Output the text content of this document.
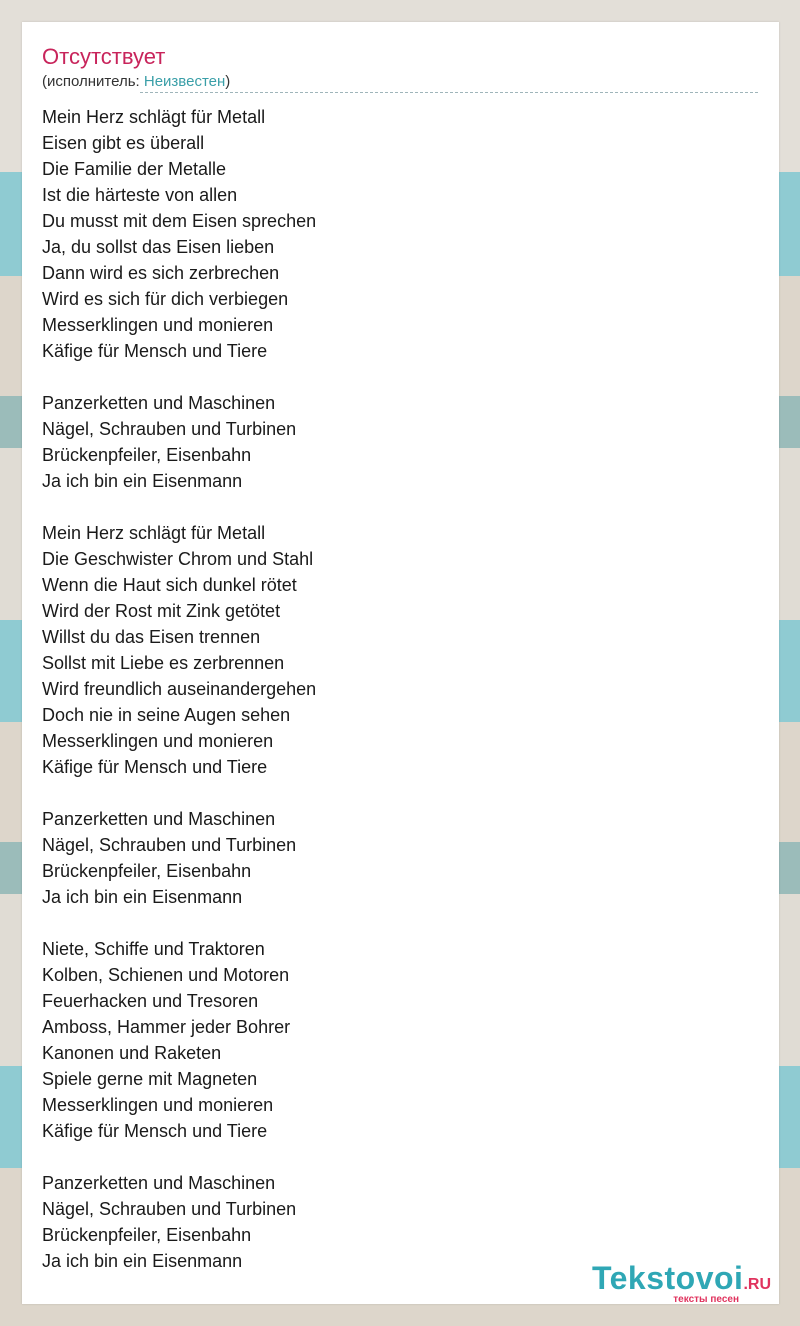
Отсутствует
(исполнитель: Неизвестен)
Mein Herz schlägt für Metall
Eisen gibt es überall
Die Familie der Metalle
Ist die härteste von allen
Du musst mit dem Eisen sprechen
Ja, du sollst das Eisen lieben
Dann wird es sich zerbrechen
Wird es sich für dich verbiegen
Messerklingen und monieren
Käfige für Mensch und Tiere
Panzerketten und Maschinen
Nägel, Schrauben und Turbinen
Brückenpfeiler, Eisenbahn
Ja ich bin ein Eisenmann
Mein Herz schlägt für Metall
Die Geschwister Chrom und Stahl
Wenn die Haut sich dunkel rötet
Wird der Rost mit Zink getötet
Willst du das Eisen trennen
Sollst mit Liebe es zerbrennen
Wird freundlich auseinandergehen
Doch nie in seine Augen sehen
Messerklingen und monieren
Käfige für Mensch und Tiere
Panzerketten und Maschinen
Nägel, Schrauben und Turbinen
Brückenpfeiler, Eisenbahn
Ja ich bin ein Eisenmann
Niete, Schiffe und Traktoren
Kolben, Schienen und Motoren
Feuerhacken und Tresoren
Amboss, Hammer jeder Bohrer
Kanonen und Raketen
Spiele gerne mit Magneten
Messerklingen und monieren
Käfige für Mensch und Tiere
Panzerketten und Maschinen
Nägel, Schrauben und Turbinen
Brückenpfeiler, Eisenbahn
Ja ich bin ein Eisenmann	Tekstovoi.RU
тексты песен
